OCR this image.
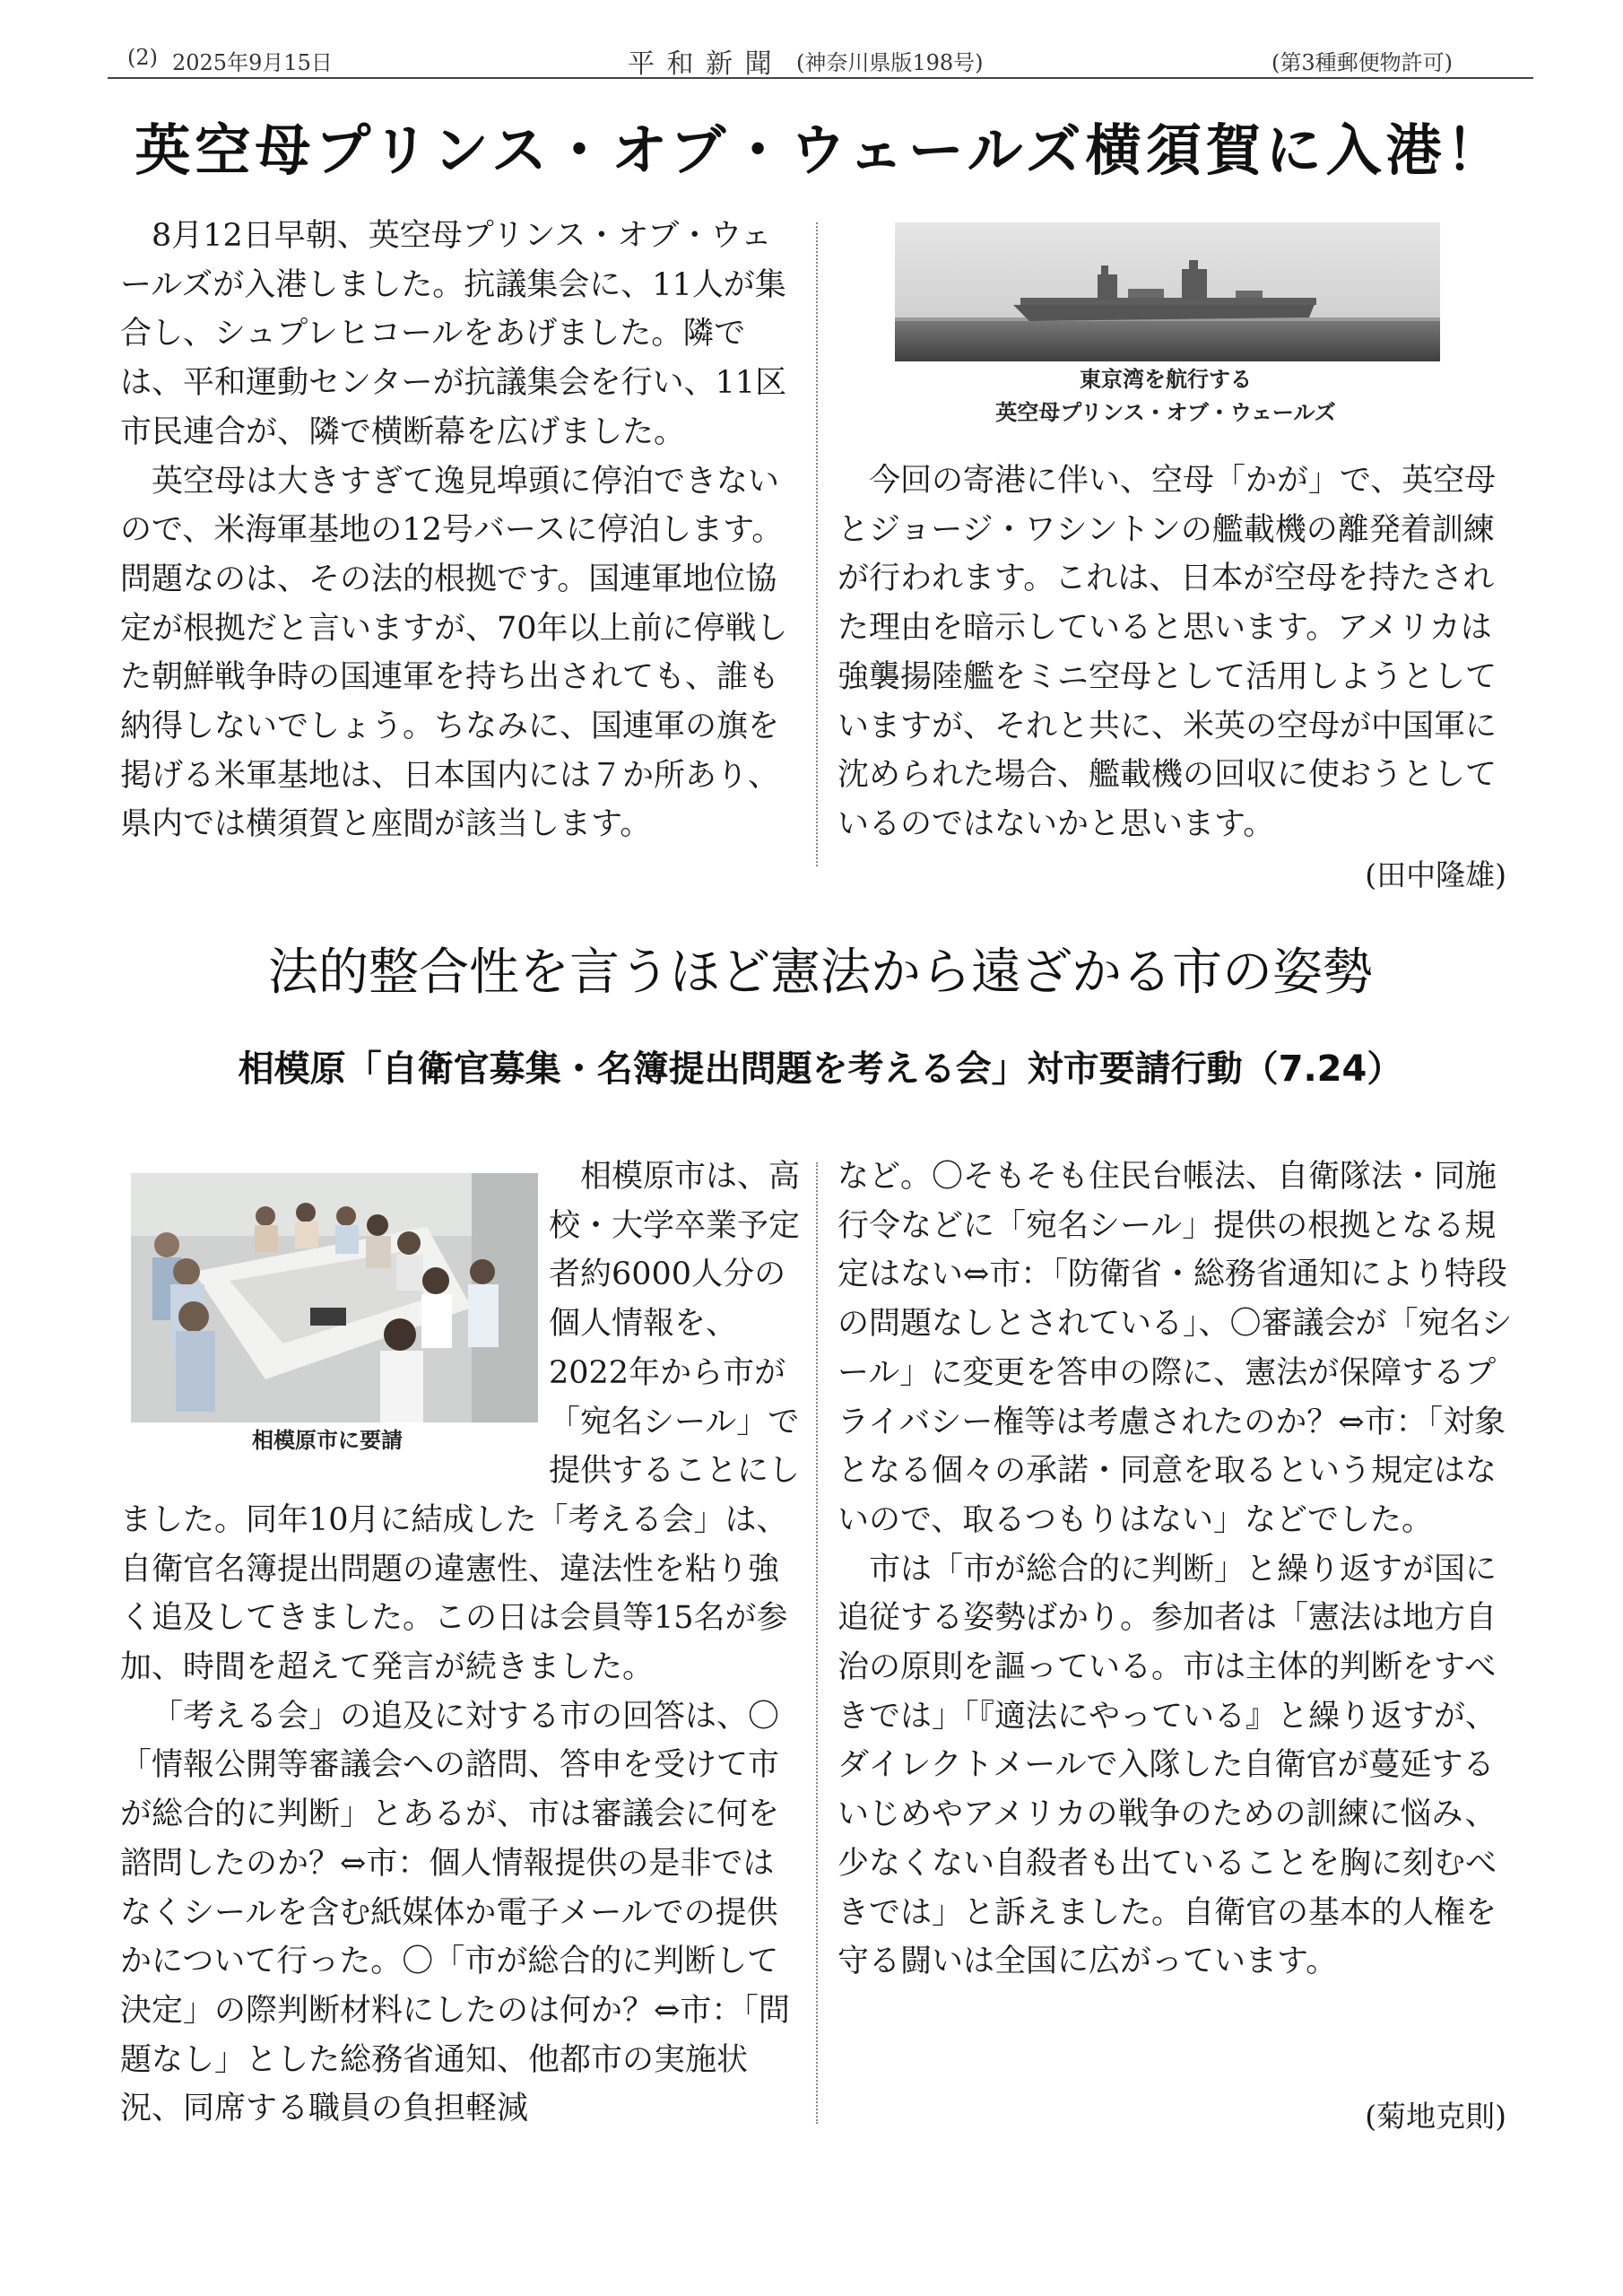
(2) 2025年9月15日	平 和 新 聞 (神奈川県版198号)	(第3種郵便物許可)
英空母プリンス・オブ・ウェールズ横須賀に入港！

8月12日早朝、英空母プリンス・オブ・ウェールズが入港しました。抗議集会に、11人が集合し、シュプレヒコールをあげました。隣では、平和運動センターが抗議集会を行い、11区市民連合が、隣で横断幕を広げました。

英空母は大きすぎて逸見埠頭に停泊できないので、米海軍基地の12号バースに停泊します。問題なのは、その法的根拠です。国連軍地位協定が根拠だと言いますが、70年以上前に停戦した朝鮮戦争時の国連軍を持ち出されても、誰も納得しないでしょう。ちなみに、国連軍の旗を掲げる米軍基地は、日本国内には７か所あり、県内では横須賀と座間が該当します。

東京湾を航行する
英空母プリンス・オブ・ウェールズ

今回の寄港に伴い、空母「かが」で、英空母とジョージ・ワシントンの艦載機の離発着訓練が行われます。これは、日本が空母を持たされた理由を暗示していると思います。アメリカは強襲揚陸艦をミニ空母として活用しようとしていますが、それと共に、米英の空母が中国軍に沈められた場合、艦載機の回収に使おうとしているのではないかと思います。

(田中隆雄)
法的整合性を言うほど憲法から遠ざかる市の姿勢
相模原「自衛官募集・名簿提出問題を考える会」対市要請行動（7.24）

相模原市は、高校・大学卒業予定者約6000人分の個人情報を、2022年から市が「宛名シール」で提供することにしました。同年10月に結成した「考える会」は、自衛官名簿提出問題の違憲性、違法性を粘り強く追及してきました。この日は会員等15名が参加、時間を超えて発言が続きました。

「考える会」の追及に対する市の回答は、〇「情報公開等審議会への諮問、答申を受けて市が総合的に判断」とあるが、市は審議会に何を諮問したのか？⇔市：個人情報提供の是非ではなくシールを含む紙媒体か電子メールでの提供かについて行った。〇「市が総合的に判断して決定」の際判断材料にしたのは何か？⇔市：「問題なし」とした総務省通知、他都市の実施状況、同席する職員の負担軽減

相模原市に要請

など。〇そもそも住民台帳法、自衛隊法・同施行令などに「宛名シール」提供の根拠となる規定はない⇔市：「防衛省・総務省通知により特段の問題なしとされている」、〇審議会が「宛名シール」に変更を答申の際に、憲法が保障するプライバシー権等は考慮されたのか？⇔市：「対象となる個々の承諾・同意を取るという規定はないので、取るつもりはない」などでした。

市は「市が総合的に判断」と繰り返すが国に追従する姿勢ばかり。参加者は「憲法は地方自治の原則を謳っている。市は主体的判断をすべきでは」「『適法にやっている』と繰り返すが、ダイレクトメールで入隊した自衛官が蔓延するいじめやアメリカの戦争のための訓練に悩み、少なくない自殺者も出ていることを胸に刻むべきでは」と訴えました。自衛官の基本的人権を守る闘いは全国に広がっています。

(菊地克則)
